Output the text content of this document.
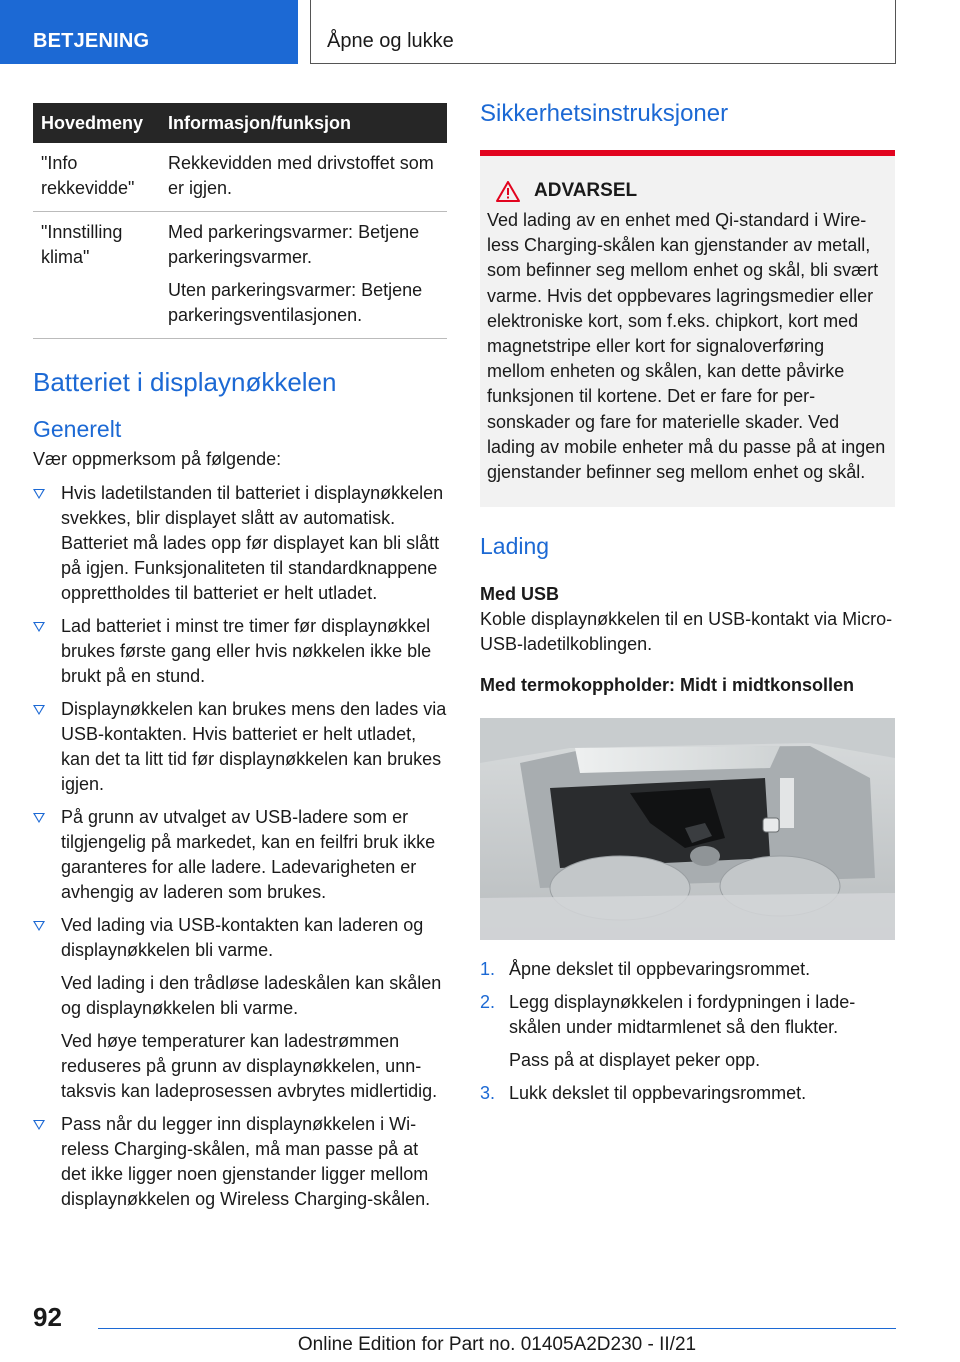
BETJENING	Åpne og lukke
Hovedmeny	Informasjon/funksjon
"Info rekkevidde"	Rekkevidden med drivstoffet som er igjen.

"Innstilling klima"	Med parkeringsvarmer: Betjene parkeringsvarmer.

Uten parkeringsvarmer: Betjene parkeringsventilasjonen.

Batteriet i displaynøkkelen
Generelt

Vær oppmerksom på følgende:

Hvis ladetilstanden til batteriet i displaynøkkelen svekkes, blir displayet slått av automatisk. Batteriet må lades opp før displayet kan bli slått på igjen. Funksjonaliteten til standardknappene opprettholdes til batteriet er helt utladet.

Lad batteriet i minst tre timer før displaynøkkel brukes første gang eller hvis nøkkelen ikke ble brukt på en stund.

Displaynøkkelen kan brukes mens den lades via USB-kontakten. Hvis batteriet er helt utladet, kan det ta litt tid før displaynøkkelen kan brukes igjen.

På grunn av utvalget av USB-ladere som er tilgjengelig på markedet, kan en feilfri bruk ikke garanteres for alle ladere. Ladevarigheten er avhengig av laderen som brukes.

Ved lading via USB-kontakten kan laderen og displaynøkkelen bli varme.

Ved lading i den trådløse ladeskålen kan skålen og displaynøkkelen bli varme.

Ved høye temperaturer kan ladestrømmen reduseres på grunn av displaynøkkelen, unntaksvis kan ladeprosessen avbrytes midlertidig.

Pass når du legger inn displaynøkkelen i Wireless Charging-skålen, må man passe på at det ikke ligger noen gjenstander ligger mellom displaynøkkelen og Wireless Charging-skålen.

Sikkerhetsinstruksjoner
ADVARSEL

Ved lading av en enhet med Qi-standard i Wireless Charging-skålen kan gjenstander av metall, som befinner seg mellom enhet og skål, bli svært varme. Hvis det oppbevares lagringsmedier eller elektroniske kort, som f.eks. chipkort, kort med magnetstripe eller kort for signaloverføring mellom enheten og skålen, kan dette påvirke funksjonen til kortene. Det er fare for personskader og fare for materielle skader. Ved lading av mobile enheter må du passe på at ingen gjenstander befinner seg mellom enhet og skål.

Lading

Med USB

Koble displaynøkkelen til en USB-kontakt via Micro-USB-ladetilkoblingen.

Med termokoppholder: Midt i midtkonsollen

1. Åpne dekslet til oppbevaringsrommet.

2. Legg displaynøkkelen i fordypningen i ladeskålen under midtarmlenet så den flukter.

Pass på at displayet peker opp.

3. Lukk dekslet til oppbevaringsrommet.

92
Online Edition for Part no. 01405A2D230 - II/21
